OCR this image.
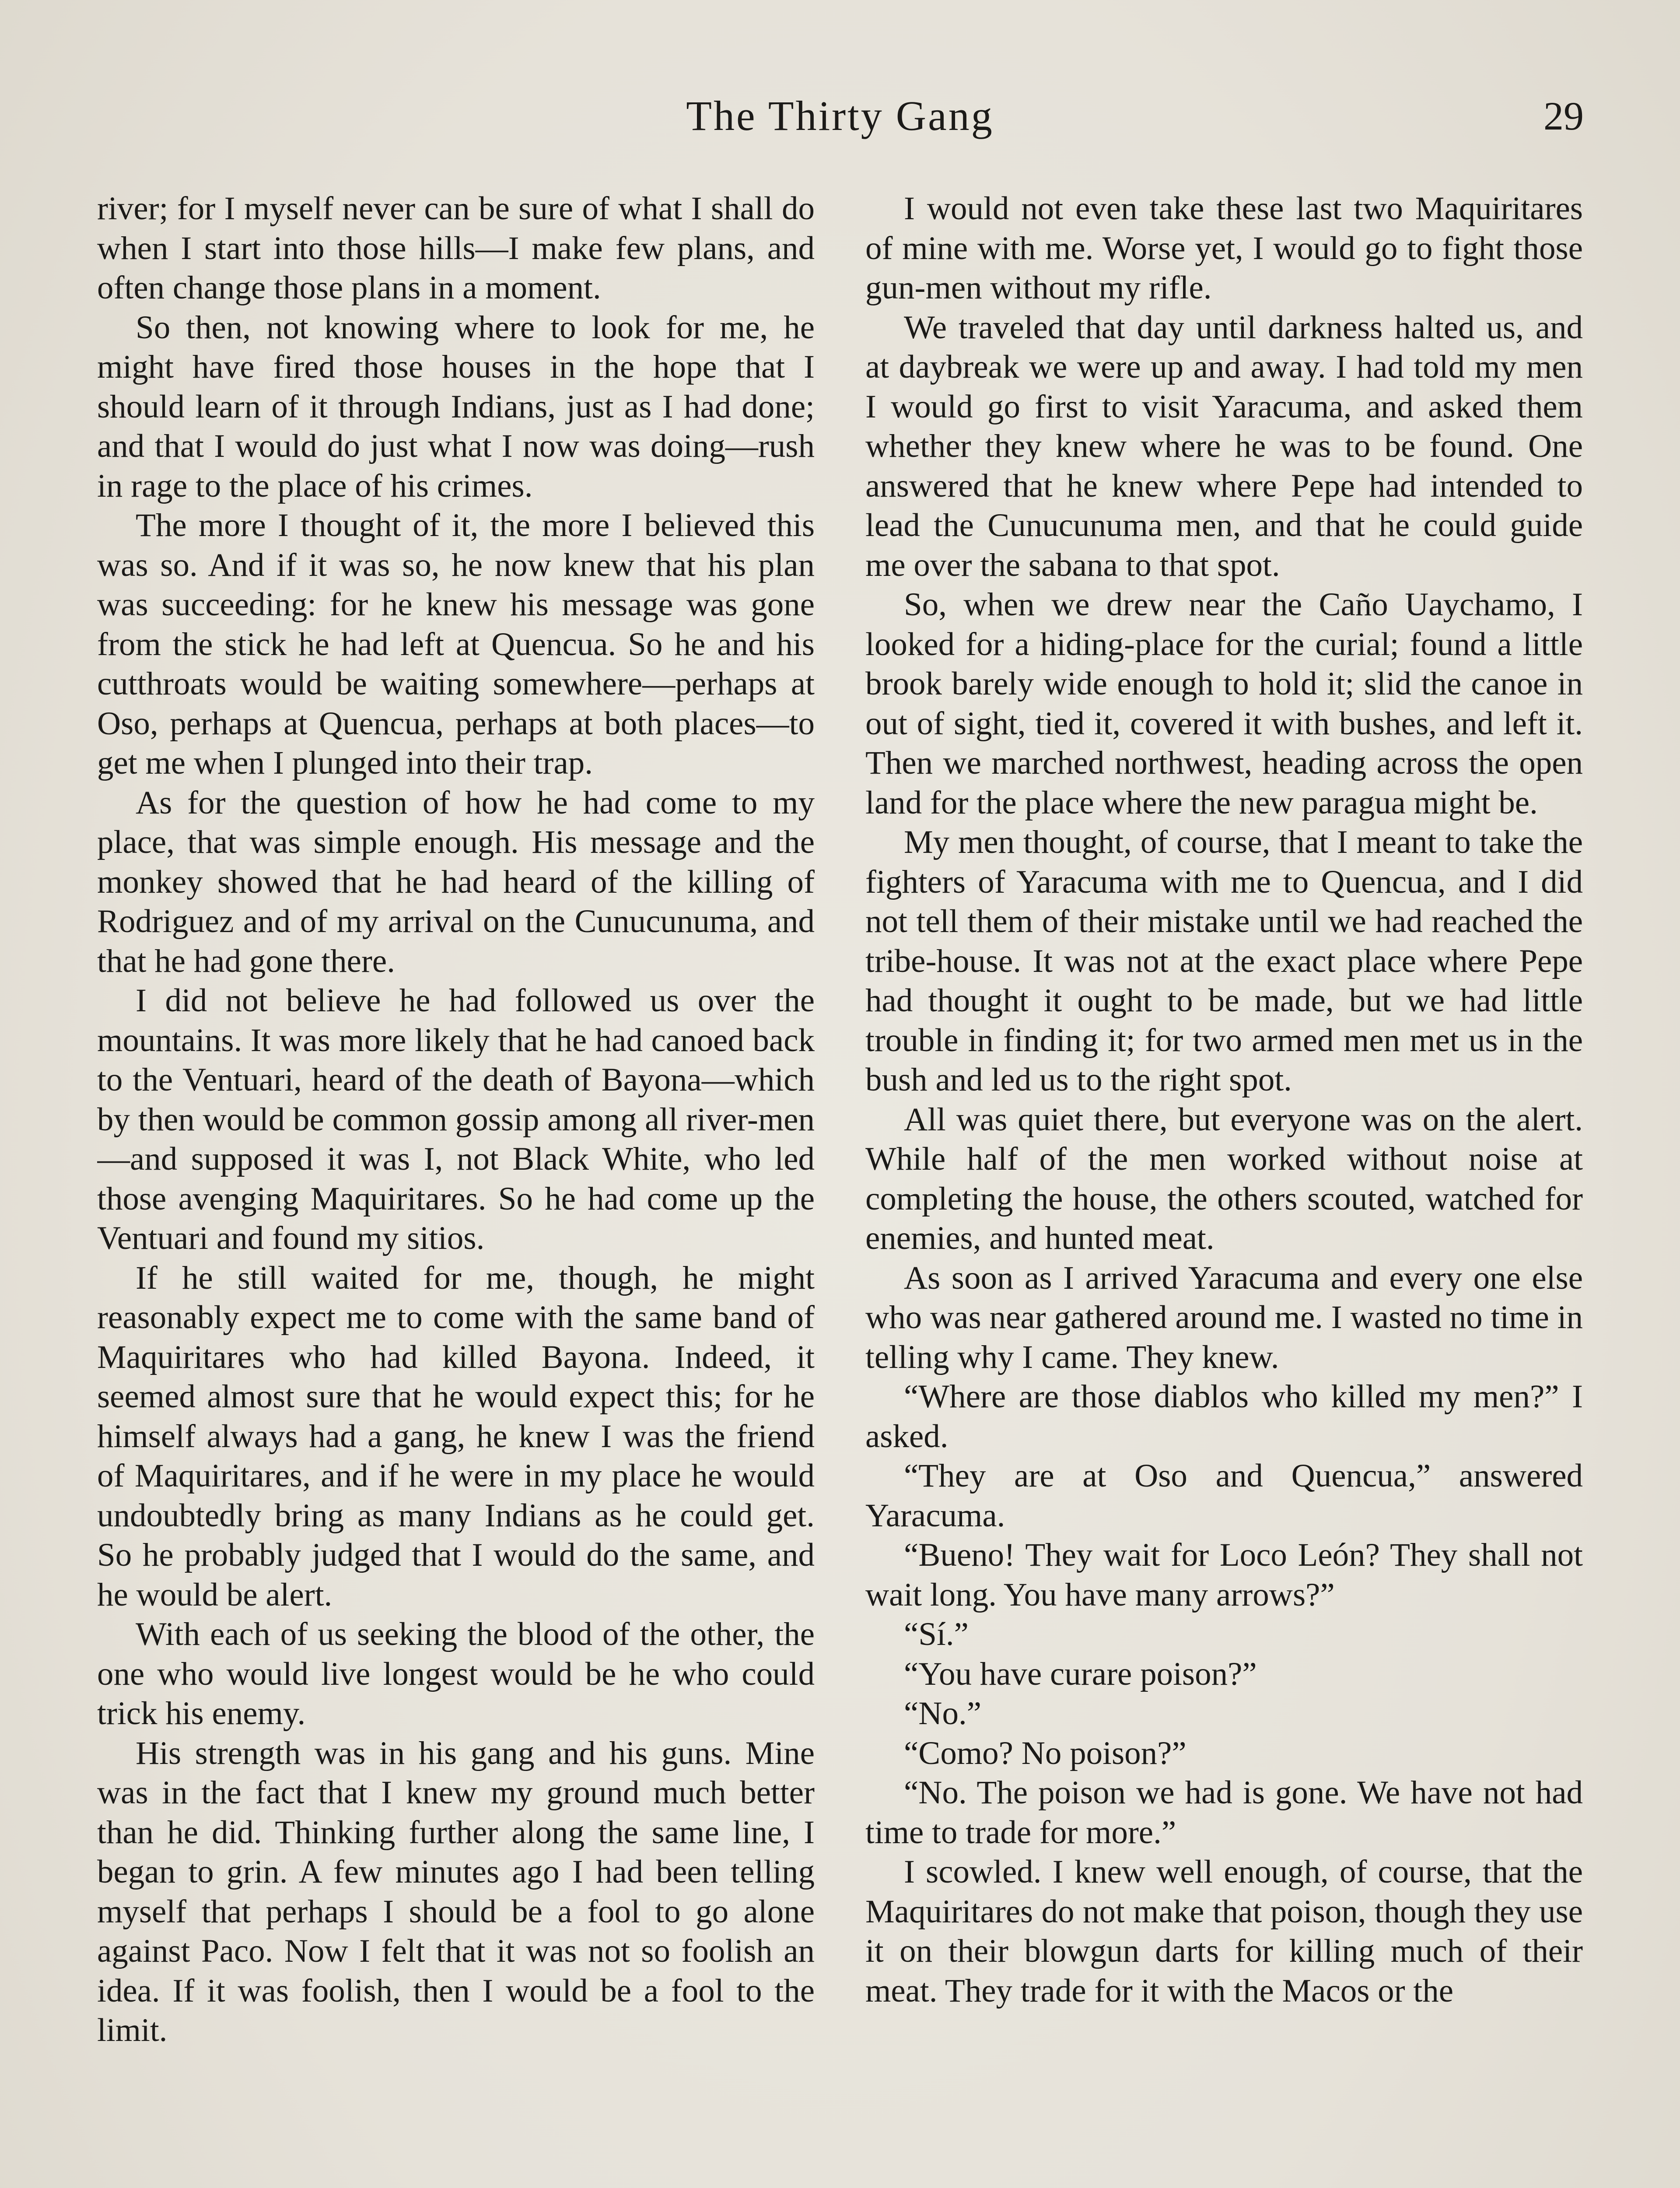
The Thirty Gang	29

river; for I myself never can be sure of what I shall do when I start into those hills—I make few plans, and often change those plans in a moment.

So then, not knowing where to look for me, he might have fired those houses in the hope that I should learn of it through Indians, just as I had done; and that I would do just what I now was doing—rush in rage to the place of his crimes.

The more I thought of it, the more I believed this was so. And if it was so, he now knew that his plan was succeeding: for he knew his message was gone from the stick he had left at Quencua. So he and his cutthroats would be waiting somewhere—perhaps at Oso, perhaps at Quencua, perhaps at both places—to get me when I plunged into their trap.

As for the question of how he had come to my place, that was simple enough. His message and the monkey showed that he had heard of the killing of Rodriguez and of my arrival on the Cunucunuma, and that he had gone there.

I did not believe he had followed us over the mountains. It was more likely that he had canoed back to the Ventuari, heard of the death of Bayona—which by then would be common gossip among all river-men—and supposed it was I, not Black White, who led those avenging Maquiritares. So he had come up the Ventuari and found my sitios.

If he still waited for me, though, he might reasonably expect me to come with the same band of Maquiritares who had killed Bayona. Indeed, it seemed almost sure that he would expect this; for he himself always had a gang, he knew I was the friend of Maquiritares, and if he were in my place he would undoubtedly bring as many Indians as he could get. So he probably judged that I would do the same, and he would be alert.

With each of us seeking the blood of the other, the one who would live longest would be he who could trick his enemy.

His strength was in his gang and his guns. Mine was in the fact that I knew my ground much better than he did. Thinking further along the same line, I began to grin. A few minutes ago I had been telling myself that perhaps I should be a fool to go alone against Paco. Now I felt that it was not so foolish an idea. If it was foolish, then I would be a fool to the limit.

I would not even take these last two Maquiritares of mine with me. Worse yet, I would go to fight those gun-men without my rifle.

We traveled that day until darkness halted us, and at daybreak we were up and away. I had told my men I would go first to visit Yaracuma, and asked them whether they knew where he was to be found. One answered that he knew where Pepe had intended to lead the Cunucunuma men, and that he could guide me over the sabana to that spot.

So, when we drew near the Caño Uaychamo, I looked for a hiding-place for the curial; found a little brook barely wide enough to hold it; slid the canoe in out of sight, tied it, covered it with bushes, and left it. Then we marched northwest, heading across the open land for the place where the new paragua might be.

My men thought, of course, that I meant to take the fighters of Yaracuma with me to Quencua, and I did not tell them of their mistake until we had reached the tribe-house. It was not at the exact place where Pepe had thought it ought to be made, but we had little trouble in finding it; for two armed men met us in the bush and led us to the right spot.

All was quiet there, but everyone was on the alert. While half of the men worked without noise at completing the house, the others scouted, watched for enemies, and hunted meat.

As soon as I arrived Yaracuma and every one else who was near gathered around me. I wasted no time in telling why I came. They knew.

“Where are those diablos who killed my men?” I asked.

“They are at Oso and Quencua,” answered Yaracuma.

“Bueno! They wait for Loco León? They shall not wait long. You have many arrows?”

“Sí.”

“You have curare poison?”

“No.”

“Como? No poison?”

“No. The poison we had is gone. We have not had time to trade for more.”

I scowled. I knew well enough, of course, that the Maquiritares do not make that poison, though they use it on their blowgun darts for killing much of their meat. They trade for it with the Macos or the
